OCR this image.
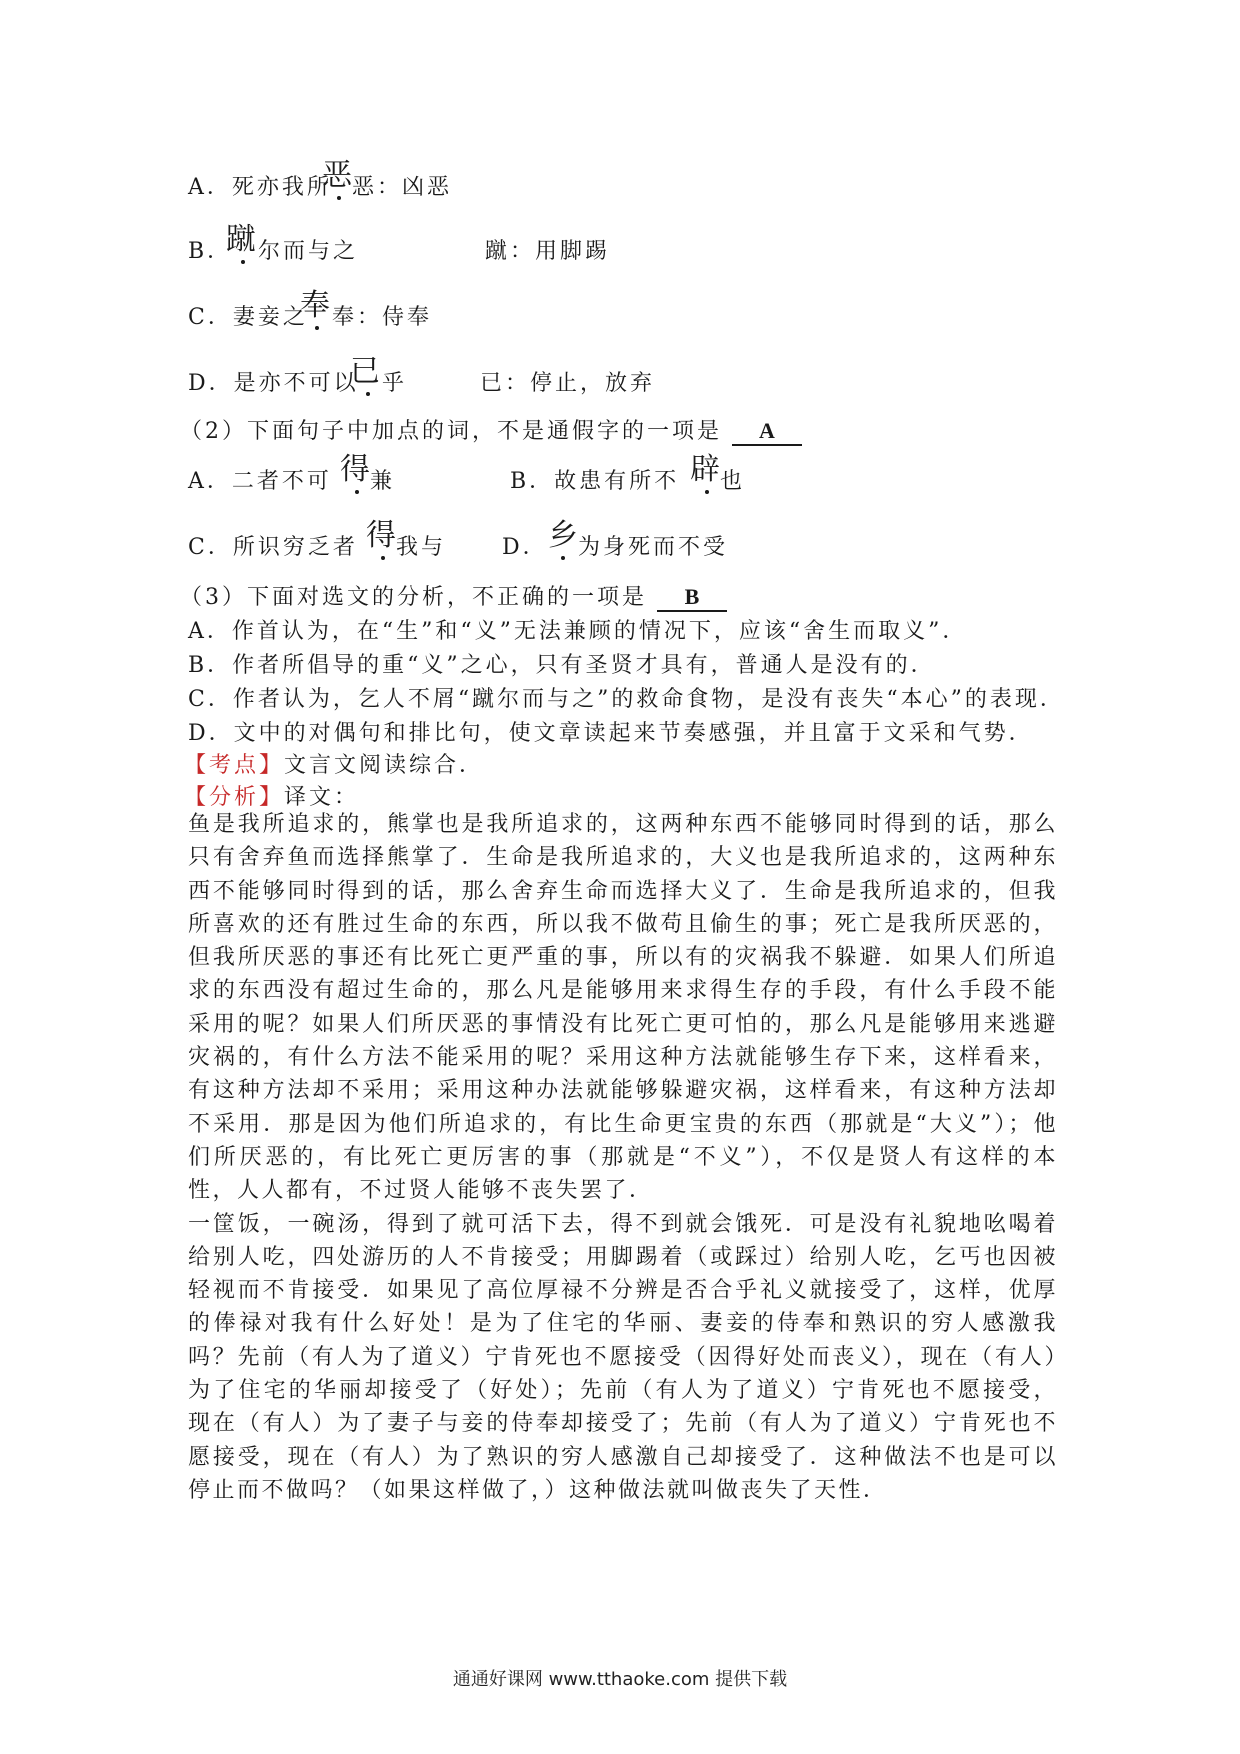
A．死亦我所
恶 恶：凶恶
B．
蹴 尔而与之	蹴：用脚踢
C．妻妾之
奉 奉：侍奉
D．是亦不可以
已 乎	已：停止，放弃
（2）下面句子中加点的词，不是通假字的一项是 A
A．二者不可 得 兼	B．故患有所不 辟 也
C．所识穷乏者 得 我与	D． 乡 为身死而不受
（3）下面对选文的分析，不正确的一项是 B
A．作首认为，在“生”和“义”无法兼顾的情况下，应该“舍生而取义”．
B．作者所倡导的重“义”之心，只有圣贤才具有，普通人是没有的．
C．作者认为，乞人不屑“蹴尔而与之”的救命食物，是没有丧失“本心”的表现．
D．文中的对偶句和排比句，使文章读起来节奏感强，并且富于文采和气势．
【考点】文言文阅读综合．
【分析】译文：

鱼是我所追求的，熊掌也是我所追求的，这两种东西不能够同时得到的话，那么只有舍弃鱼而选择熊掌了．生命是我所追求的，大义也是我所追求的，这两种东西不能够同时得到的话，那么舍弃生命而选择大义了．生命是我所追求的，但我所喜欢的还有胜过生命的东西，所以我不做苟且偷生的事；死亡是我所厌恶的，但我所厌恶的事还有比死亡更严重的事，所以有的灾祸我不躲避．如果人们所追求的东西没有超过生命的，那么凡是能够用来求得生存的手段，有什么手段不能采用的呢？如果人们所厌恶的事情没有比死亡更可怕的，那么凡是能够用来逃避灾祸的，有什么方法不能采用的呢？采用这种方法就能够生存下来，这样看来，有这种方法却不采用；采用这种办法就能够躲避灾祸，这样看来，有这种方法却不采用．那是因为他们所追求的，有比生命更宝贵的东西（那就是“大义”）；他们所厌恶的，有比死亡更厉害的事（那就是“不义”），不仅是贤人有这样的本性，人人都有，不过贤人能够不丧失罢了．

一筐饭，一碗汤，得到了就可活下去，得不到就会饿死．可是没有礼貌地吆喝着给别人吃，四处游历的人不肯接受；用脚踢着（或踩过）给别人吃，乞丐也因被轻视而不肯接受．如果见了高位厚禄不分辨是否合乎礼义就接受了，这样，优厚的俸禄对我有什么好处！是为了住宅的华丽、妻妾的侍奉和熟识的穷人感激我吗？先前（有人为了道义）宁肯死也不愿接受（因得好处而丧义），现在（有人）为了住宅的华丽却接受了（好处）；先前（有人为了道义）宁肯死也不愿接受，现在（有人）为了妻子与妾的侍奉却接受了；先前（有人为了道义）宁肯死也不愿接受，现在（有人）为了熟识的穷人感激自己却接受了．这种做法不也是可以停止而不做吗？（如果这样做了，）这种做法就叫做丧失了天性．

通通好课网 www.tthaoke.com 提供下载
